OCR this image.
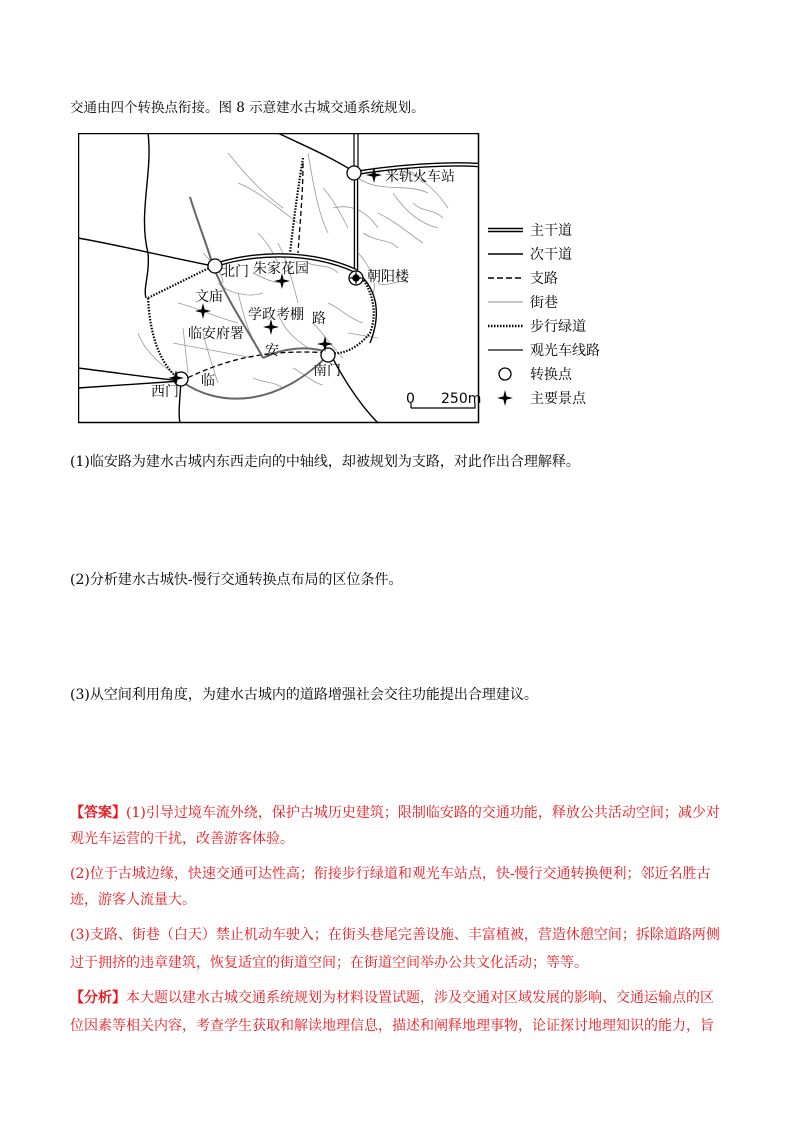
交通由四个转换点衔接。图 8 示意建水古城交通系统规划。
米轨火车站
北门 朱家花园	朝阳楼
文庙
学政考棚
临安府署
路
安
临
南门
西门	0 250m
主干道
次干道
支路
街巷
步行绿道
观光车线路
转换点
主要景点
(1)临安路为建水古城内东西走向的中轴线，却被规划为支路，对此作出合理解释。
(2)分析建水古城快-慢行交通转换点布局的区位条件。
(3)从空间利用角度，为建水古城内的道路增强社会交往功能提出合理建议。
【答案】(1)引导过境车流外绕，保护古城历史建筑；限制临安路的交通功能，释放公共活动空间；减少对
观光车运营的干扰，改善游客体验。
(2)位于古城边缘，快速交通可达性高；衔接步行绿道和观光车站点，快-慢行交通转换便利；邻近名胜古
迹，游客人流量大。
(3)支路、街巷（白天）禁止机动车驶入；在街头巷尾完善设施、丰富植被，营造休憩空间；拆除道路两侧
过于拥挤的违章建筑，恢复适宜的街道空间；在街道空间举办公共文化活动；等等。
【分析】本大题以建水古城交通系统规划为材料设置试题，涉及交通对区域发展的影响、交通运输点的区
位因素等相关内容，考查学生获取和解读地理信息，描述和阐释地理事物，论证探讨地理知识的能力，旨
